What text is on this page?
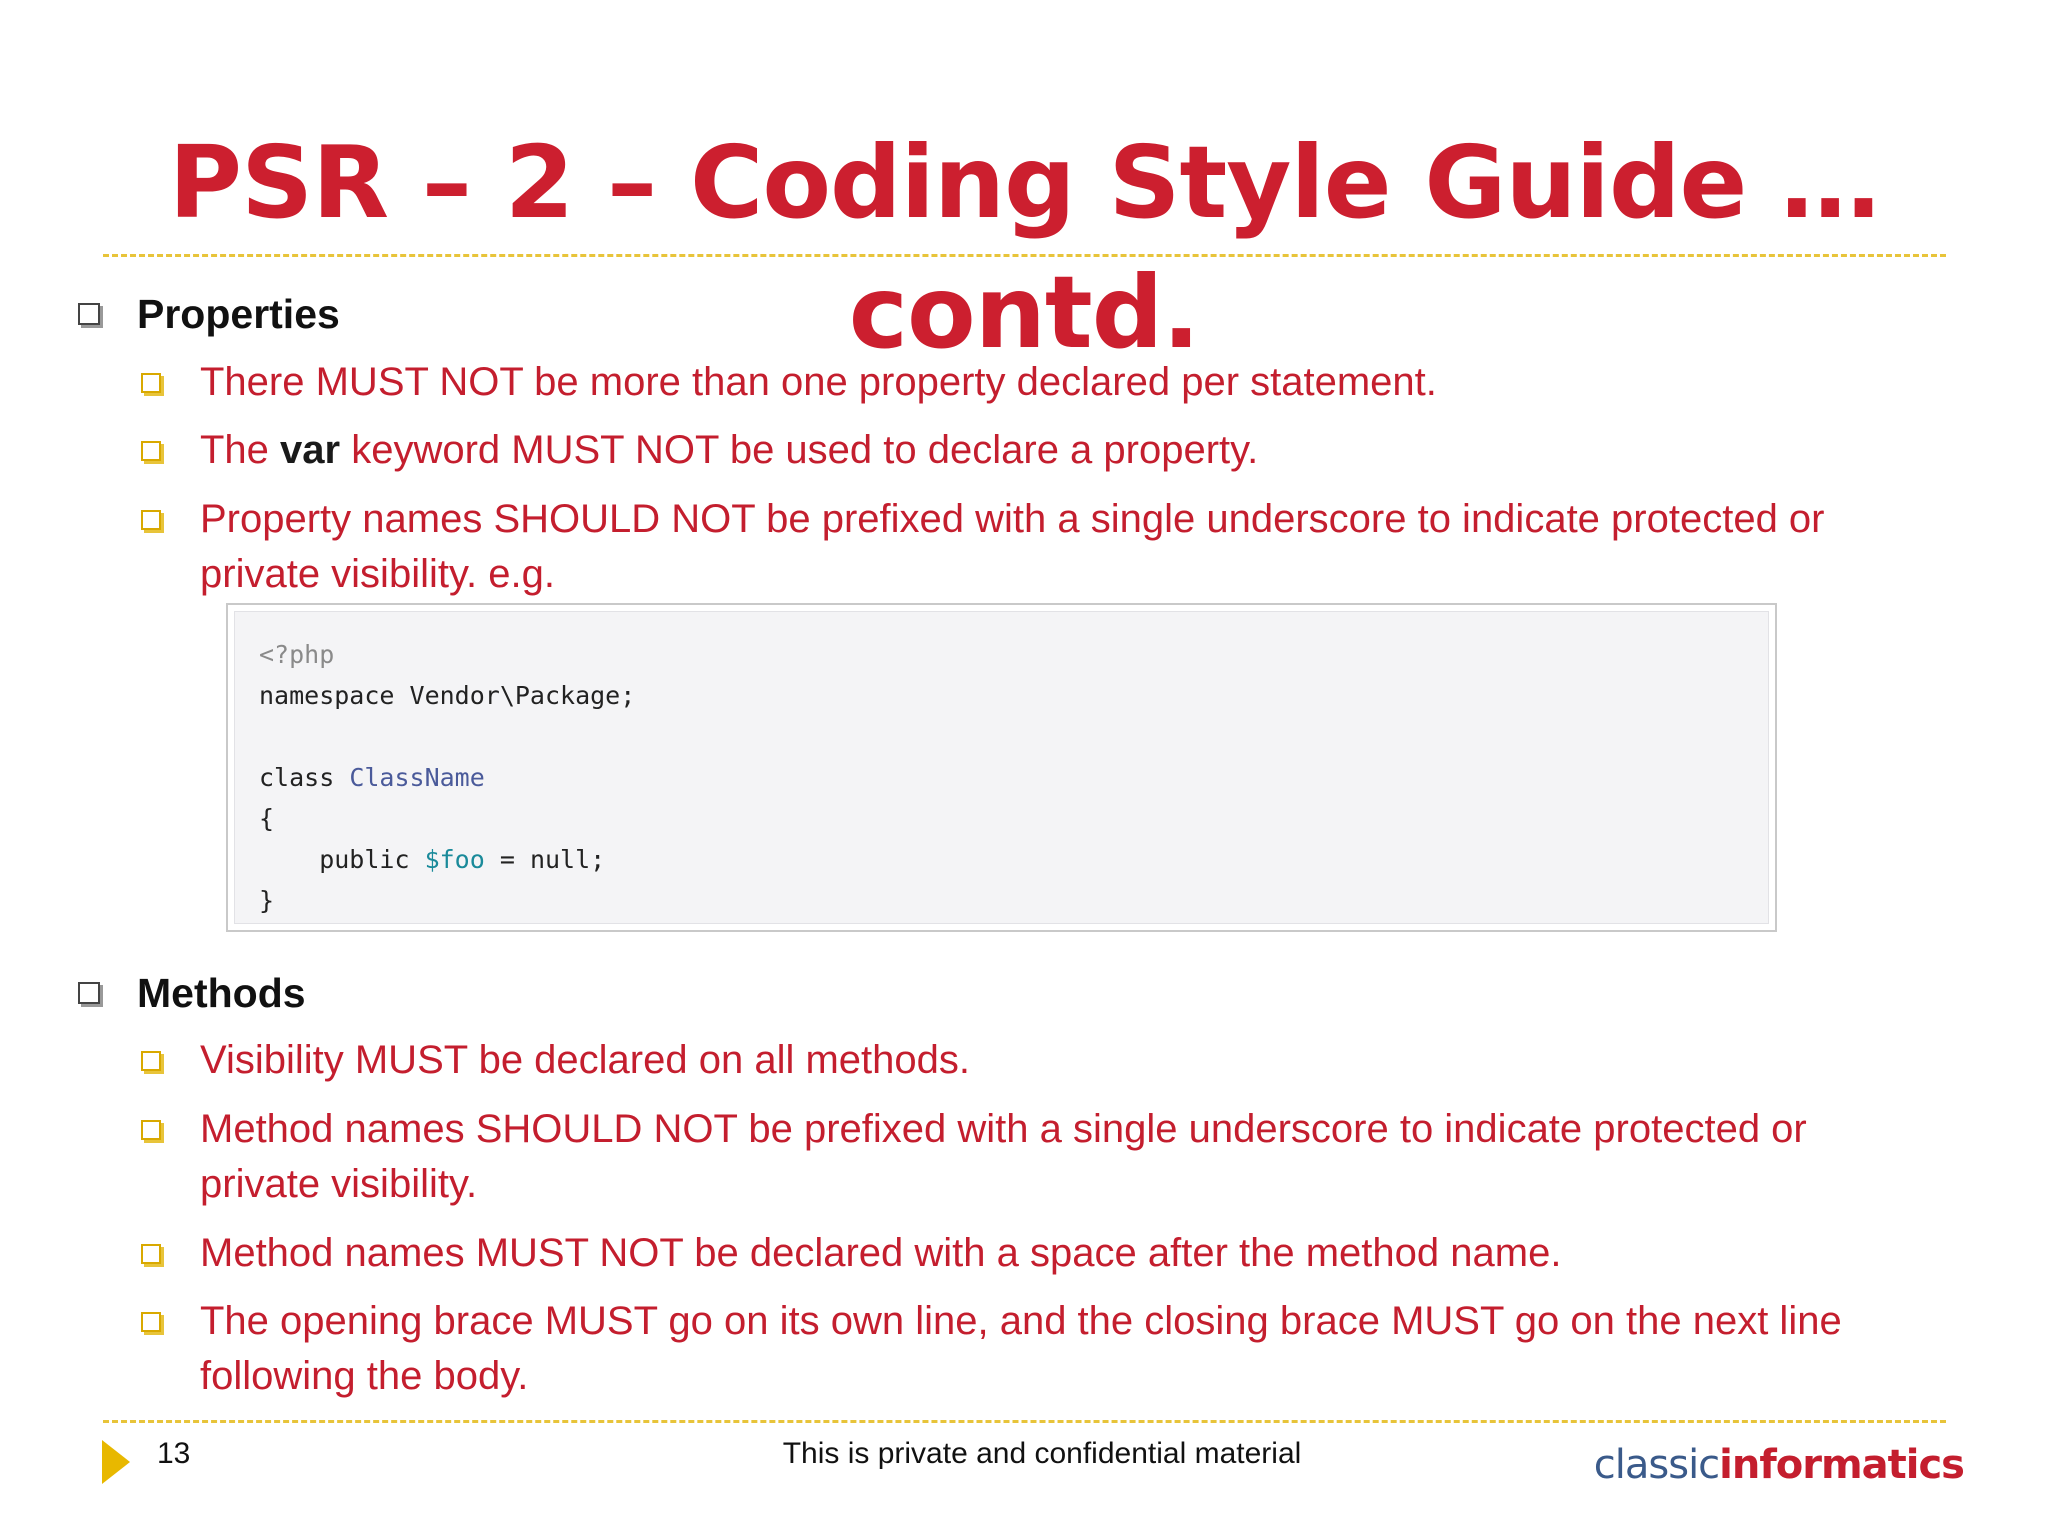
PSR – 2 – Coding Style Guide …contd.
Properties
There MUST NOT be more than one property declared per statement.
The var keyword MUST NOT be used to declare a property.
Property names SHOULD NOT be prefixed with a single underscore to indicate protected or private visibility. e.g.
<?php
namespace Vendor\Package;
class ClassName
{
public $foo = null;
}
Methods
Visibility MUST be declared on all methods.
Method names SHOULD NOT be prefixed with a single underscore to indicate protected or private visibility.
Method names MUST NOT be declared with a space after the method name.
The opening brace MUST go on its own line, and the closing brace MUST go on the next line following the body.
13	This is private and confidential material	classicinformatics
